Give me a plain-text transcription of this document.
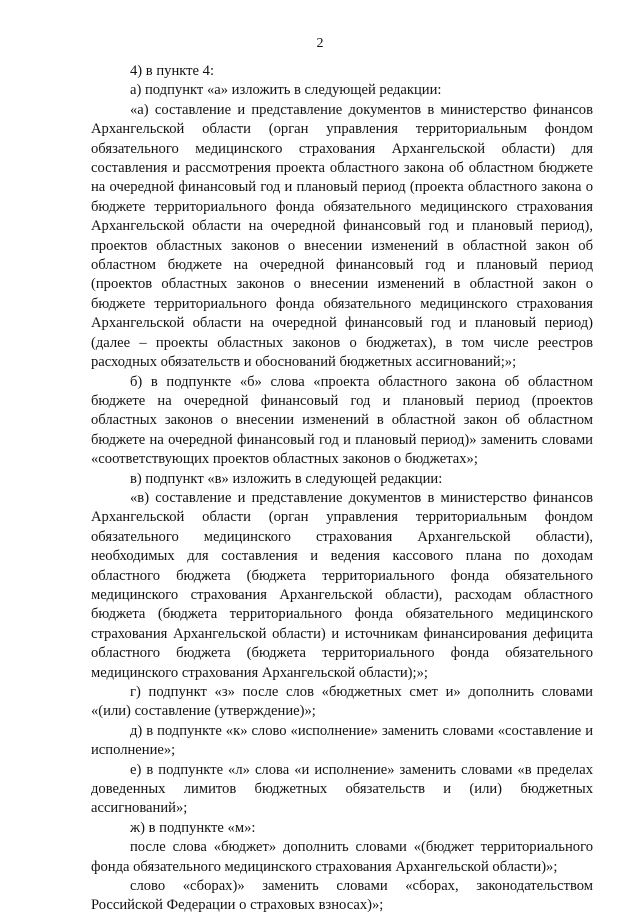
2

4) в пункте 4:

а) подпункт «а» изложить в следующей редакции:

«а) составление и представление документов в министерство финансов Архангельской области (орган управления территориальным фондом обязательного медицинского страхования Архангельской области) для составления и рассмотрения проекта областного закона об областном бюджете на очередной финансовый год и плановый период (проекта областного закона о бюджете территориального фонда обязательного медицинского страхования Архангельской области на очередной финансовый год и плановый период), проектов областных законов о внесении изменений в областной закон об областном бюджете на очередной финансовый год и плановый период (проектов областных законов о внесении изменений в областной закон о бюджете территориального фонда обязательного медицинского страхования Архангельской области на очередной финансовый год и плановый период) (далее – проекты областных законов о бюджетах), в том числе реестров расходных обязательств и обоснований бюджетных ассигнований;»;

б) в подпункте «б» слова «проекта областного закона об областном бюджете на очередной финансовый год и плановый период (проектов областных законов о внесении изменений в областной закон об областном бюджете на очередной финансовый год и плановый период)» заменить словами «соответствующих проектов областных законов о бюджетах»;

в) подпункт «в» изложить в следующей редакции:

«в) составление и представление документов в министерство финансов Архангельской области (орган управления территориальным фондом обязательного медицинского страхования Архангельской области), необходимых для составления и ведения кассового плана по доходам областного бюджета (бюджета территориального фонда обязательного медицинского страхования Архангельской области), расходам областного бюджета (бюджета территориального фонда обязательного медицинского страхования Архангельской области) и источникам финансирования дефицита областного бюджета (бюджета территориального фонда обязательного медицинского страхования Архангельской области);»;

г) подпункт «з» после слов «бюджетных смет и» дополнить словами «(или) составление (утверждение)»;

д) в подпункте «к» слово «исполнение» заменить словами «составление и исполнение»;

е) в подпункте «л» слова «и исполнение» заменить словами «в пределах доведенных лимитов бюджетных обязательств и (или) бюджетных ассигнований»;

ж) в подпункте «м»:

после слова «бюджет» дополнить словами «(бюджет территориального фонда обязательного медицинского страхования Архангельской области)»;

слово «сборах)» заменить словами «сборах, законодательством Российской Федерации о страховых взносах)»;
